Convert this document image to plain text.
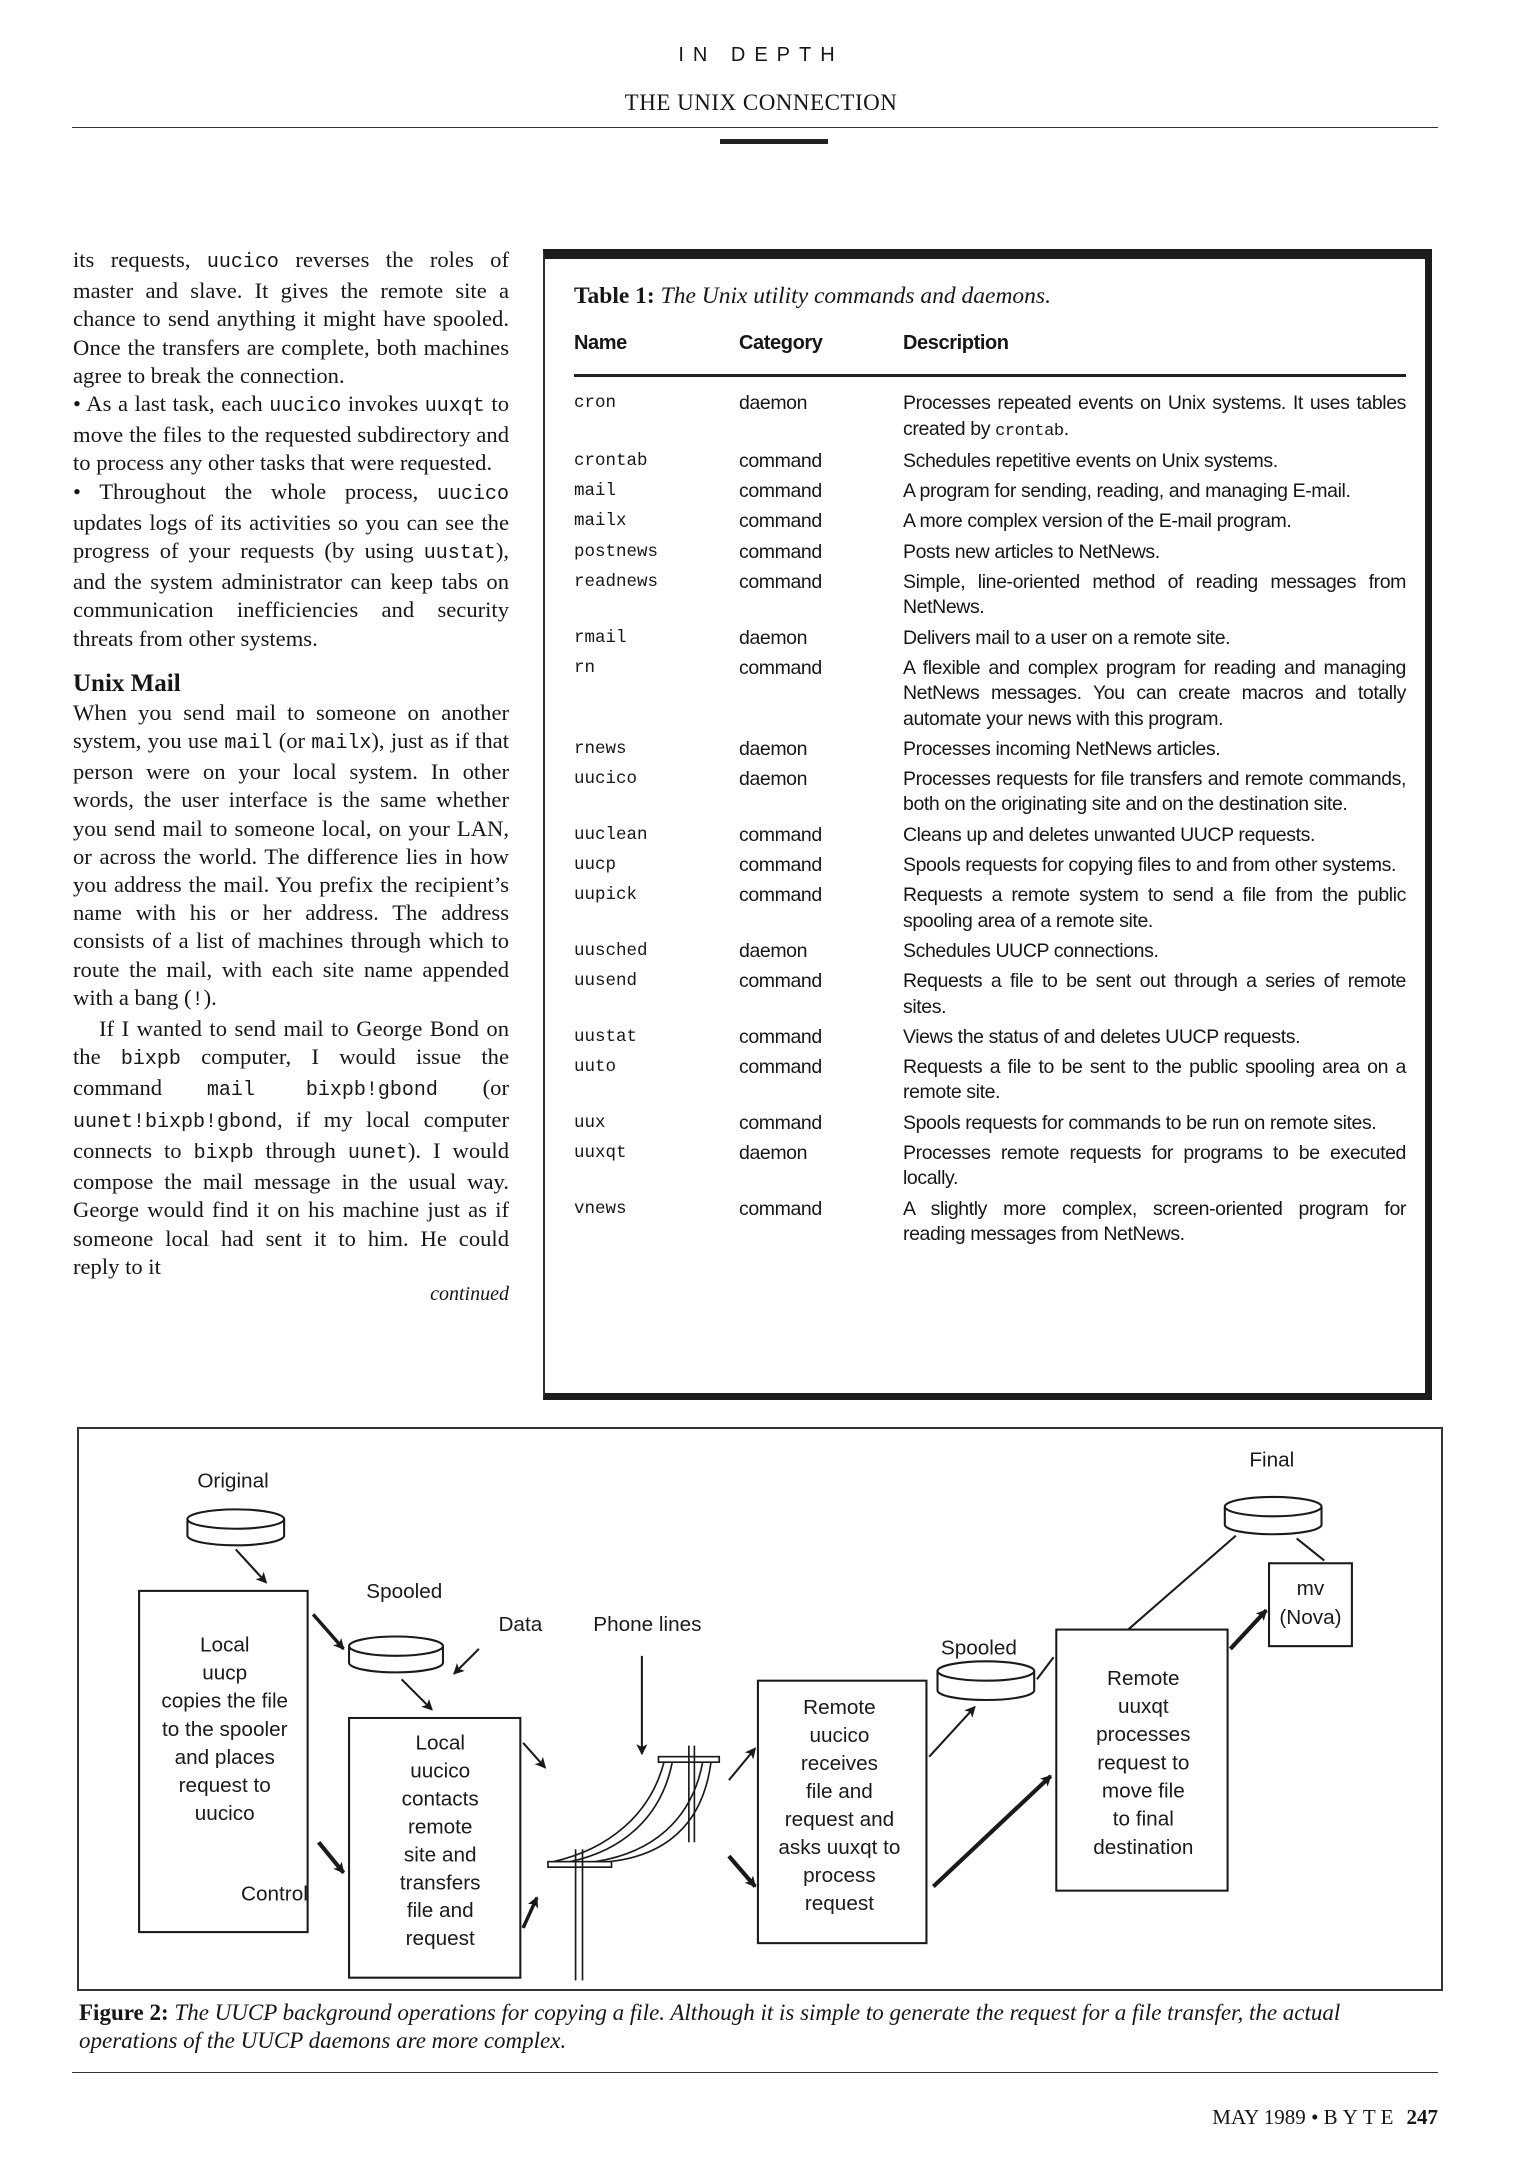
IN DEPTH
THE UNIX CONNECTION

its requests, uucico reverses the roles of master and slave. It gives the remote site a chance to send anything it might have spooled. Once the transfers are complete, both machines agree to break the connection.

• As a last task, each uucico invokes uuxqt to move the files to the requested subdirectory and to process any other tasks that were requested.

• Throughout the whole process, uucico updates logs of its activities so you can see the progress of your requests (by using uustat), and the system administrator can keep tabs on communication inefficiencies and security threats from other systems.

Unix Mail

When you send mail to someone on another system, you use mail (or mailx), just as if that person were on your local system. In other words, the user interface is the same whether you send mail to someone local, on your LAN, or across the world. The difference lies in how you address the mail. You prefix the recipient’s name with his or her address. The address consists of a list of machines through which to route the mail, with each site name appended with a bang (!).

If I wanted to send mail to George Bond on the bixpb computer, I would issue the command mail bixpb!gbond (or uunet!bixpb!gbond, if my local computer connects to bixpb through uunet). I would compose the mail message in the usual way. George would find it on his machine just as if someone local had sent it to him. He could reply to it

continued
Table 1: The Unix utility commands and daemons.
Name	Category	Description
cron	daemon	Processes repeated events on Unix systems. It uses tables created by crontab.
crontab	command	Schedules repetitive events on Unix systems.
mail	command	A program for sending, reading, and managing E-mail.
mailx	command	A more complex version of the E-mail program.
postnews	command	Posts new articles to NetNews.
readnews	command	Simple, line-oriented method of reading messages from NetNews.
rmail	daemon	Delivers mail to a user on a remote site.
rn	command	A flexible and complex program for reading and managing NetNews messages. You can create macros and totally automate your news with this program.
rnews	daemon	Processes incoming NetNews articles.
uucico	daemon	Processes requests for file transfers and remote commands, both on the originating site and on the destination site.
uuclean	command	Cleans up and deletes unwanted UUCP requests.
uucp	command	Spools requests for copying files to and from other systems.
uupick	command	Requests a remote system to send a file from the public spooling area of a remote site.
uusched	daemon	Schedules UUCP connections.
uusend	command	Requests a file to be sent out through a series of remote sites.
uustat	command	Views the status of and deletes UUCP requests.
uuto	command	Requests a file to be sent to the public spooling area on a remote site.
uux	command	Spools requests for commands to be run on remote sites.
uuxqt	daemon	Processes remote requests for programs to be executed locally.
vnews	command	A slightly more complex, screen-oriented program for reading messages from NetNews.
Original
Spooled
Data	Phone lines
Control
Spooled
Final
Local
uucp
copies the file
to the spooler
and places
request to
uucico
Local
uucico
contacts
remote
site and
transfers
file and
request
Remote
uucico
receives
file and
request and
asks uuxqt to
process
request
Remote
uuxqt
processes
request to
move file
to final
destination
mv
(Nova)
Figure 2: The UUCP background operations for copying a file. Although it is simple to generate the request for a file transfer, the actual operations of the UUCP daemons are more complex.
MAY 1989 • BYTE 247
